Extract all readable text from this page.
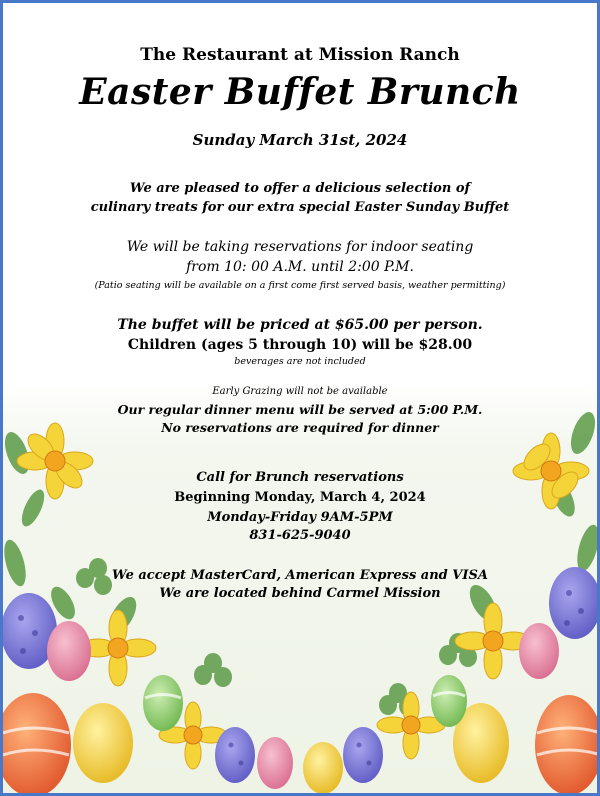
The Restaurant at Mission Ranch
Easter Buffet Brunch
Sunday March 31st, 2024
We are pleased to offer a delicious selection of
culinary treats for our extra special Easter Sunday Buffet
We will be taking reservations for indoor seating
from 10: 00 A.M. until 2:00 P.M.
(Patio seating will be available on a first come first served basis, weather permitting)
The buffet will be priced at $65.00 per person.
Children (ages 5 through 10) will be $28.00
beverages are not included
Early Grazing will not be available
Our regular dinner menu will be served at 5:00 P.M.
No reservations are required for dinner
Call for Brunch reservations
Beginning Monday, March 4, 2024
Monday-Friday 9AM-5PM
831-625-9040
We accept MasterCard, American Express and VISA
We are located behind Carmel Mission
